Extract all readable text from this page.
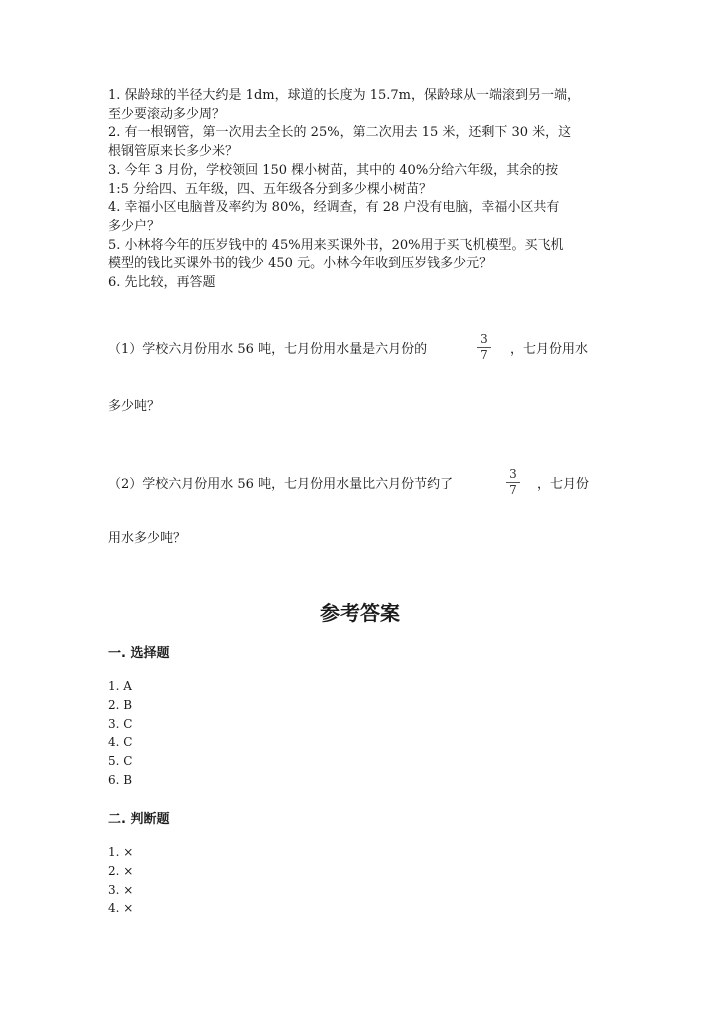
1. 保龄球的半径大约是 1dm，球道的长度为 15.7m，保龄球从一端滚到另一端，
至少要滚动多少周？
2. 有一根钢管，第一次用去全长的 25%，第二次用去 15 米，还剩下 30 米，这
根钢管原来长多少米？
3. 今年 3 月份，学校领回 150 棵小树苗，其中的 40%分给六年级，其余的按
1:5 分给四、五年级，四、五年级各分到多少棵小树苗？
4. 幸福小区电脑普及率约为 80%，经调查，有 28 户没有电脑，幸福小区共有
多少户？
5. 小林将今年的压岁钱中的 45%用来买课外书，20%用于买飞机模型。买飞机
模型的钱比买课外书的钱少 450 元。小林今年收到压岁钱多少元？
6. 先比较，再答题
（1）学校六月份用水 56 吨，七月份用水量是六月份的
3
7 ，七月份用水
多少吨？
（2）学校六月份用水 56 吨，七月份用水量比六月份节约了
3
7 ，七月份
用水多少吨？
参考答案
一. 选择题
1. A
2. B
3. C
4. C
5. C
6. B
二. 判断题
1. ×
2. ×
3. ×
4. ×
